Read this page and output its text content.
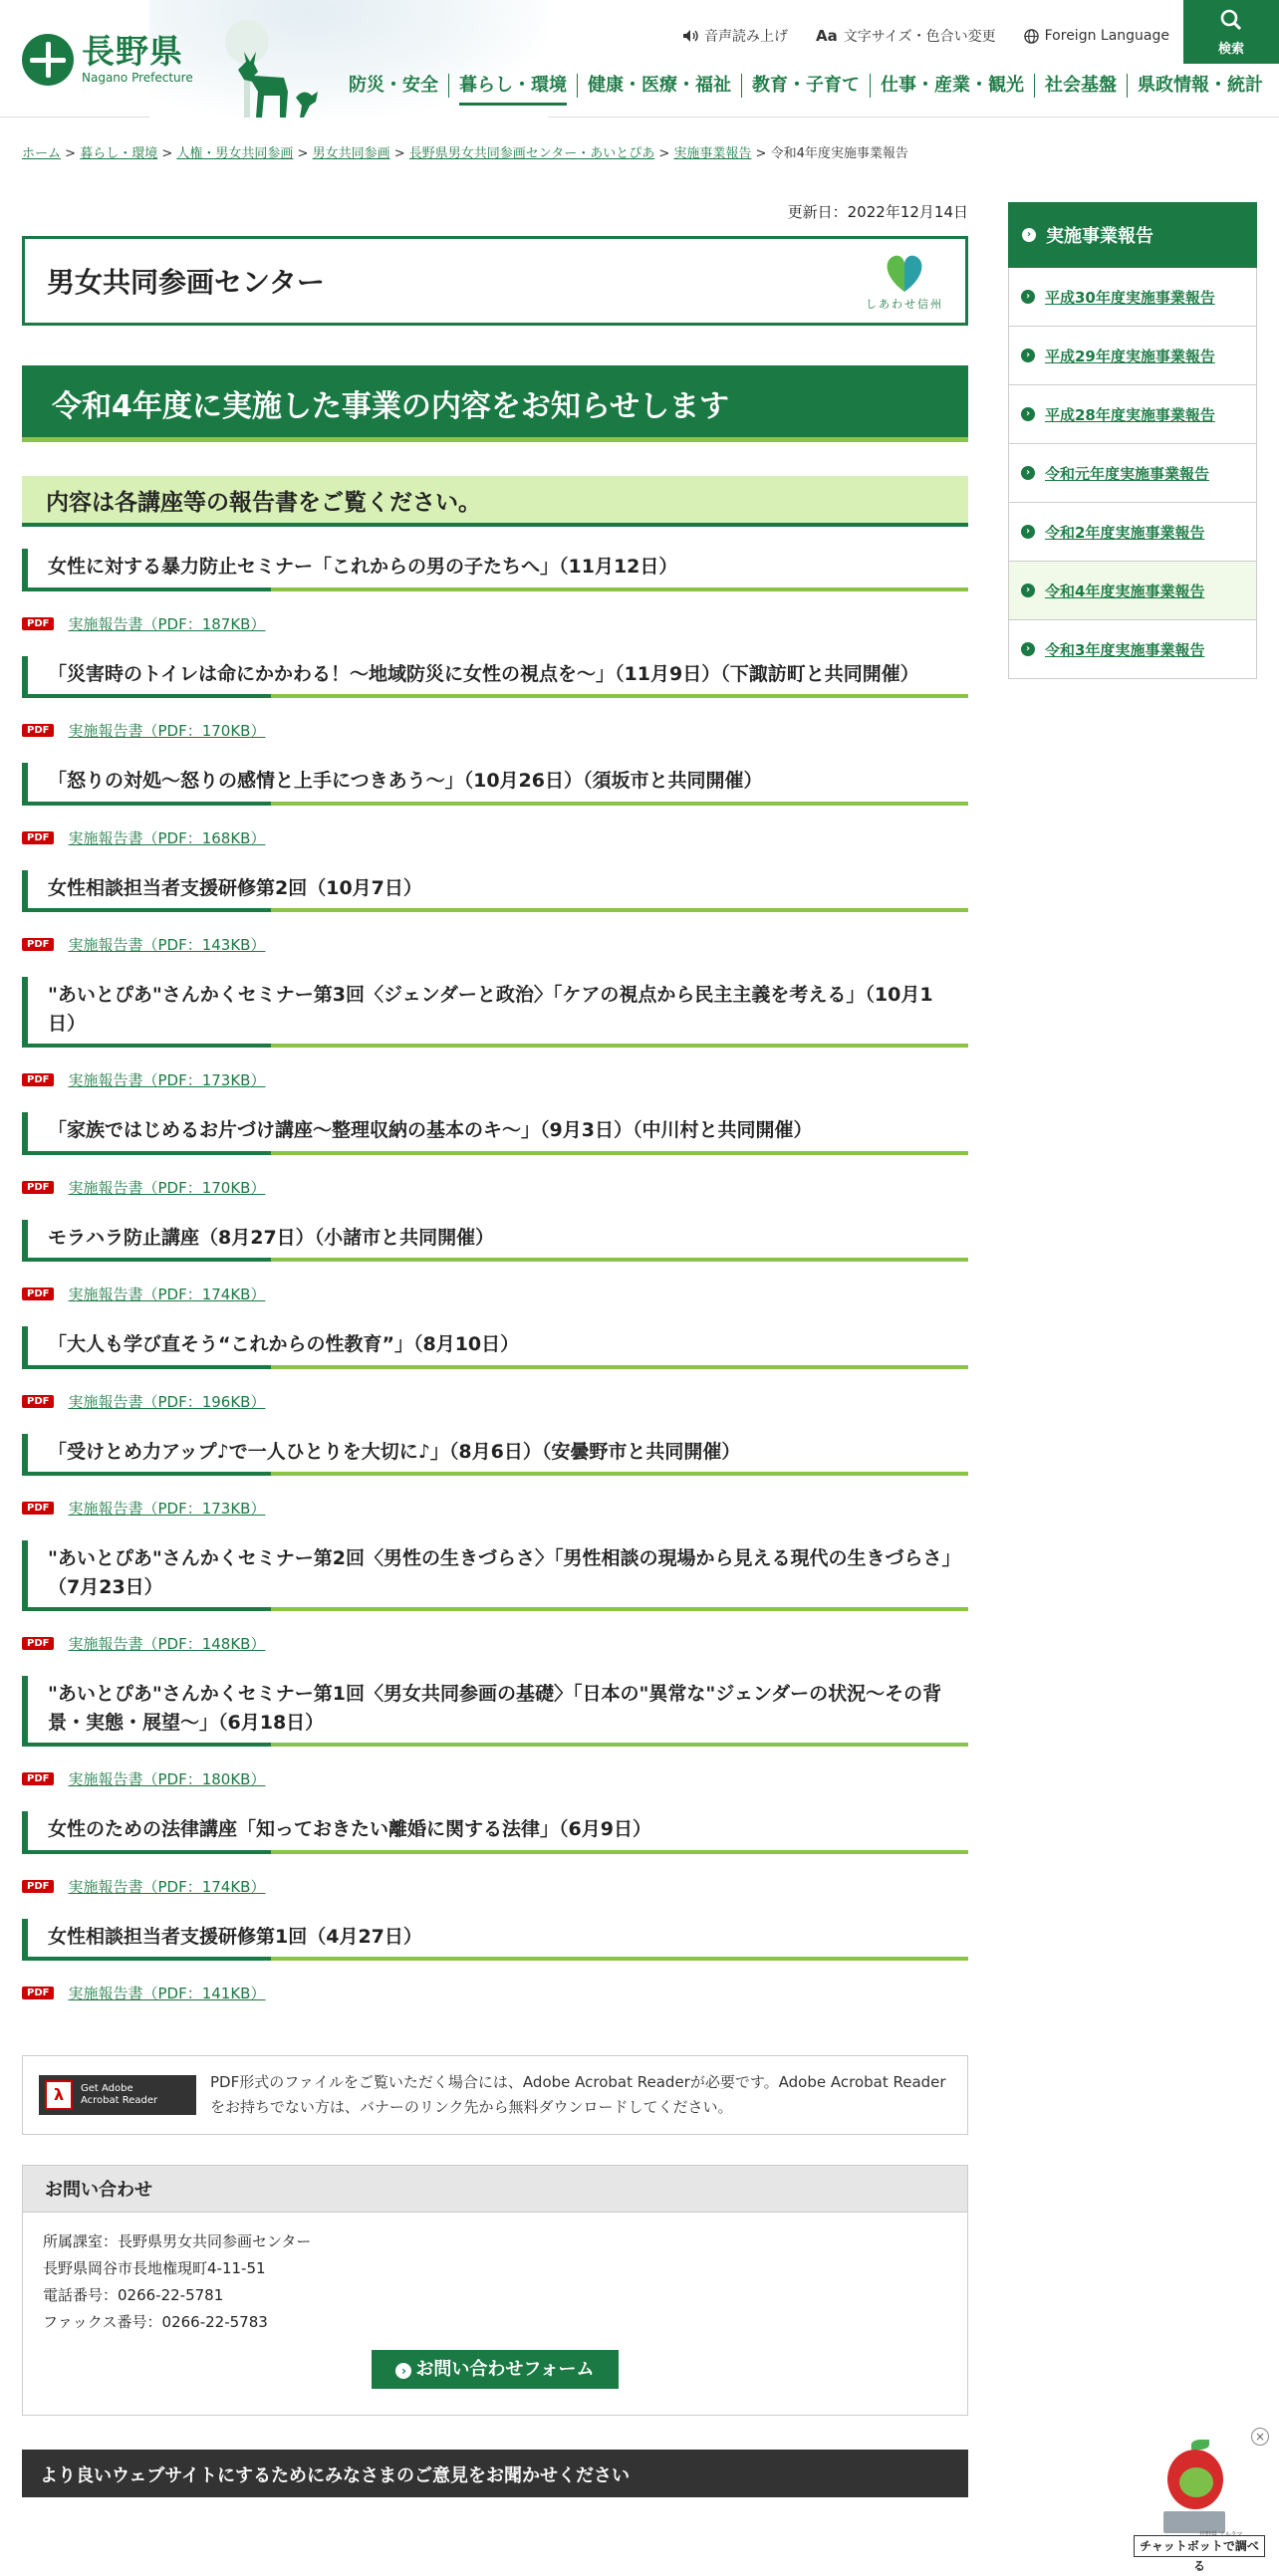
長野県
Nagano Prefecture
音声読み上げ Aa 文字サイズ・色合い変更	Foreign Language
検索
防災・安全	暮らし・環境	健康・医療・福祉	教育・子育て	仕事・産業・観光	社会基盤	県政情報・統計
ホーム > 暮らし・環境 > 人権・男女共同参画 > 男女共同参画 > 長野県男女共同参画センター・あいとぴあ > 実施事業報告 > 令和4年度実施事業報告
更新日：2022年12月14日
男女共同参画センター
しあわせ信州
令和4年度に実施した事業の内容をお知らせします
内容は各講座等の報告書をご覧ください。
女性に対する暴力防止セミナー「これからの男の子たちへ」（11月12日）
PDF	実施報告書（PDF：187KB）
「災害時のトイレは命にかかわる！～地域防災に女性の視点を～」（11月9日）（下諏訪町と共同開催）
PDF	実施報告書（PDF：170KB）
「怒りの対処～怒りの感情と上手につきあう～」（10月26日）（須坂市と共同開催）
PDF	実施報告書（PDF：168KB）
女性相談担当者支援研修第2回（10月7日）
PDF	実施報告書（PDF：143KB）
"あいとぴあ"さんかくセミナー第3回〈ジェンダーと政治〉「ケアの視点から民主主義を考える」（10月1日）
PDF	実施報告書（PDF：173KB）
「家族ではじめるお片づけ講座～整理収納の基本のキ～」（9月3日）（中川村と共同開催）
PDF	実施報告書（PDF：170KB）
モラハラ防止講座（8月27日）（小諸市と共同開催）
PDF	実施報告書（PDF：174KB）
「大人も学び直そう“これからの性教育”」（8月10日）
PDF	実施報告書（PDF：196KB）
「受けとめ力アップ♪で一人ひとりを大切に♪」（8月6日）（安曇野市と共同開催）
PDF	実施報告書（PDF：173KB）
"あいとぴあ"さんかくセミナー第2回〈男性の生きづらさ〉「男性相談の現場から見える現代の生きづらさ」（7月23日）
PDF	実施報告書（PDF：148KB）
"あいとぴあ"さんかくセミナー第1回〈男女共同参画の基礎〉「日本の"異常な"ジェンダーの状況～その背景・実態・展望～」（6月18日）
PDF	実施報告書（PDF：180KB）
女性のための法律講座「知っておきたい離婚に関する法律」（6月9日）
PDF	実施報告書（PDF：174KB）
女性相談担当者支援研修第1回（4月27日）
PDF	実施報告書（PDF：141KB）
λ	Get Adobe
Acrobat Reader
PDF形式のファイルをご覧いただく場合には、Adobe Acrobat Readerが必要です。Adobe Acrobat Readerをお持ちでない方は、バナーのリンク先から無料ダウンロードしてください。
お問い合わせ
所属課室：長野県男女共同参画センター
長野県岡谷市長地権現町4-11-51
電話番号：0266-22-5781
ファックス番号：0266-22-5783
› お問い合わせフォーム
より良いウェブサイトにするためにみなさまのご意見をお聞かせください
› 実施事業報告
› 平成30年度実施事業報告
› 平成29年度実施事業報告
› 平成28年度実施事業報告
› 令和元年度実施事業報告
› 令和2年度実施事業報告
› 令和4年度実施事業報告
› 令和3年度実施事業報告
×
チャットボットで調べる
